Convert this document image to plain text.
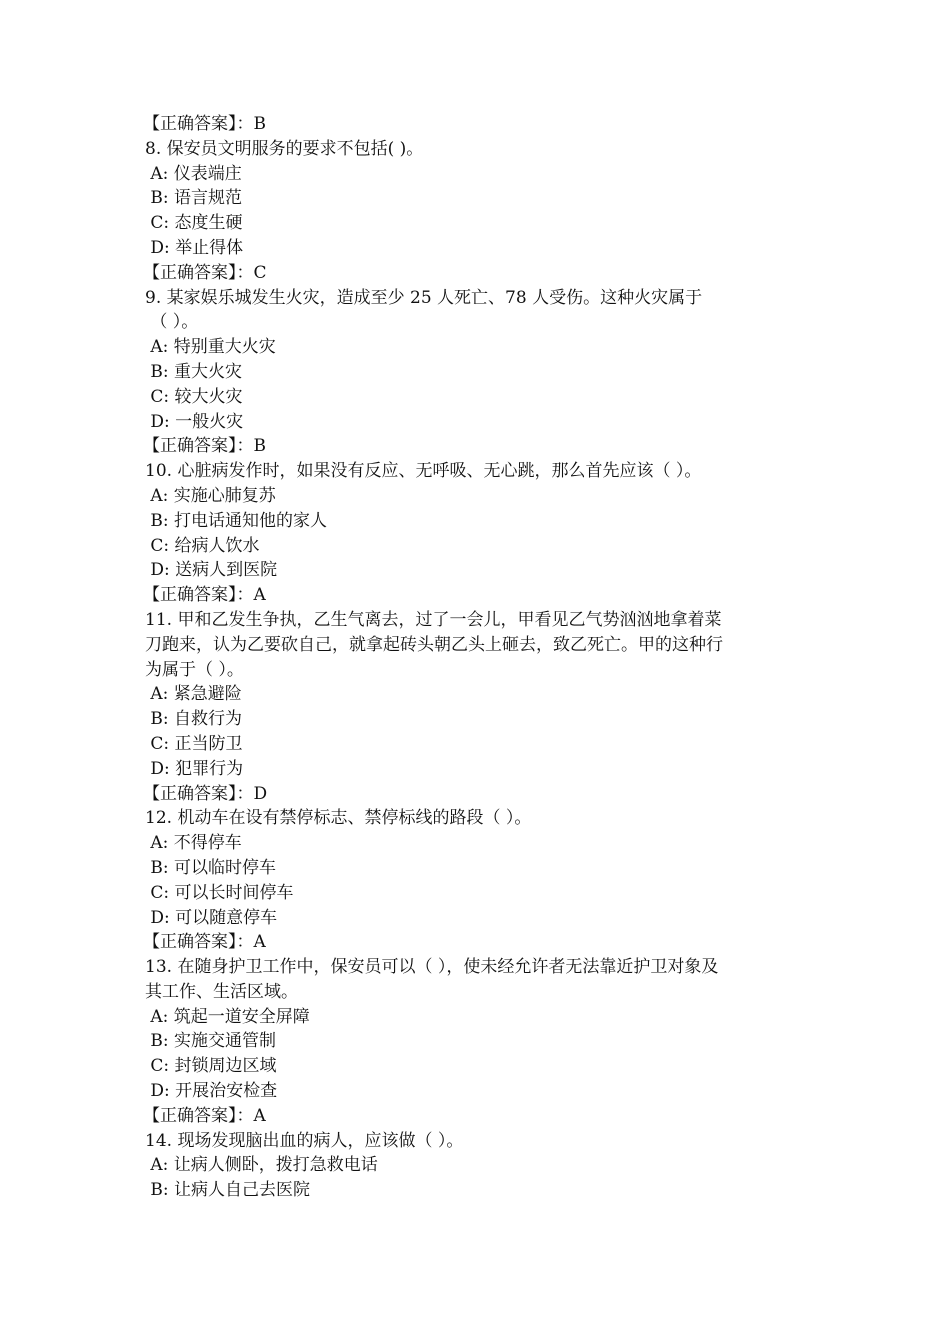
【正确答案】：B
8. 保安员文明服务的要求不包括( )。
A: 仪表端庄
B: 语言规范
C: 态度生硬
D: 举止得体
【正确答案】：C
9. 某家娱乐城发生火灾，造成至少 25 人死亡、78 人受伤。这种火灾属于
（ ）。
A: 特别重大火灾
B: 重大火灾
C: 较大火灾
D: 一般火灾
【正确答案】：B
10. 心脏病发作时，如果没有反应、无呼吸、无心跳，那么首先应该（ ）。
A: 实施心肺复苏
B: 打电话通知他的家人
C: 给病人饮水
D: 送病人到医院
【正确答案】：A
11. 甲和乙发生争执，乙生气离去，过了一会儿，甲看见乙气势汹汹地拿着菜
刀跑来，认为乙要砍自己，就拿起砖头朝乙头上砸去，致乙死亡。甲的这种行
为属于（ ）。
A: 紧急避险
B: 自救行为
C: 正当防卫
D: 犯罪行为
【正确答案】：D
12. 机动车在设有禁停标志、禁停标线的路段（ ）。
A: 不得停车
B: 可以临时停车
C: 可以长时间停车
D: 可以随意停车
【正确答案】：A
13. 在随身护卫工作中，保安员可以（ ），使未经允许者无法靠近护卫对象及
其工作、生活区域。
A: 筑起一道安全屏障
B: 实施交通管制
C: 封锁周边区域
D: 开展治安检查
【正确答案】：A
14. 现场发现脑出血的病人，应该做（ ）。
A: 让病人侧卧，拨打急救电话
B: 让病人自己去医院
